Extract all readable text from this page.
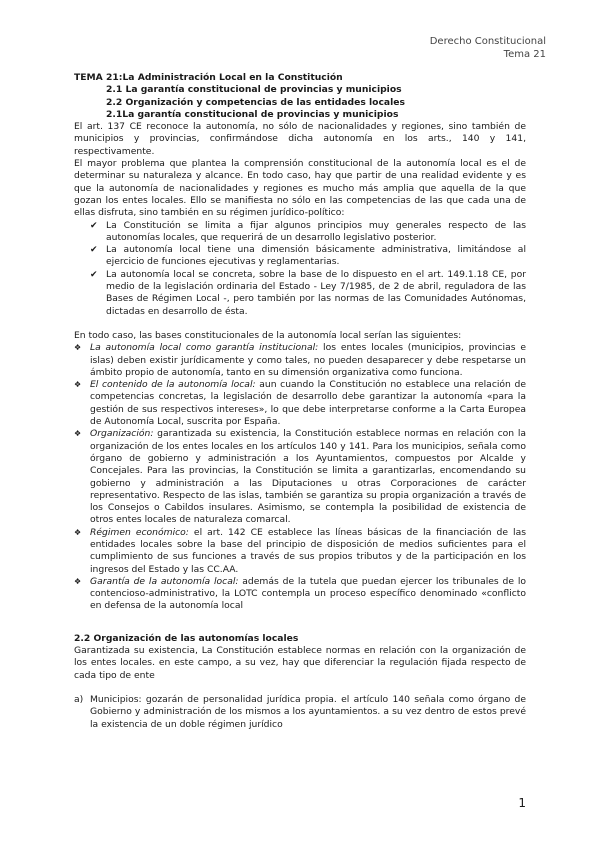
Derecho Constitucional
Tema 21

TEMA 21:La Administración Local en la Constitución

2.1 La garantía constitucional de provincias y municipios

2.2 Organización y competencias de las entidades locales

2.1La garantía constitucional de provincias y municipios

El art. 137 CE reconoce la autonomía, no sólo de nacionalidades y regiones, sino también de municipios y provincias, confirmándose dicha autonomía en los arts., 140 y 141, respectivamente.

El mayor problema que plantea la comprensión constitucional de la autonomía local es el de determinar su naturaleza y alcance. En todo caso, hay que partir de una realidad evidente y es que la autonomía de nacionalidades y regiones es mucho más amplia que aquella de la que gozan los entes locales. Ello se manifiesta no sólo en las competencias de las que cada una de ellas disfruta, sino también en su régimen jurídico-político:

✔ La Constitución se limita a fijar algunos principios muy generales respecto de las autonomías locales, que requerirá de un desarrollo legislativo posterior.
✔ La autonomía local tiene una dimensión básicamente administrativa, limitándose al ejercicio de funciones ejecutivas y reglamentarias.
✔ La autonomía local se concreta, sobre la base de lo dispuesto en el art. 149.1.18 CE, por medio de la legislación ordinaria del Estado - Ley 7/1985, de 2 de abril, reguladora de las Bases de Régimen Local -, pero también por las normas de las Comunidades Autónomas, dictadas en desarrollo de ésta.

En todo caso, las bases constitucionales de la autonomía local serían las siguientes:

❖ La autonomía local como garantía institucional: los entes locales (municipios, provincias e islas) deben existir jurídicamente y como tales, no pueden desaparecer y debe respetarse un ámbito propio de autonomía, tanto en su dimensión organizativa como funciona.
❖ El contenido de la autonomía local: aun cuando la Constitución no establece una relación de competencias concretas, la legislación de desarrollo debe garantizar la autonomía «para la gestión de sus respectivos intereses», lo que debe interpretarse conforme a la Carta Europea de Autonomía Local, suscrita por España.
❖ Organización: garantizada su existencia, la Constitución establece normas en relación con la organización de los entes locales en los artículos 140 y 141. Para los municipios, señala como órgano de gobierno y administración a los Ayuntamientos, compuestos por Alcalde y Concejales. Para las provincias, la Constitución se limita a garantizarlas, encomendando su gobierno y administración a las Diputaciones u otras Corporaciones de carácter representativo. Respecto de las islas, también se garantiza su propia organización a través de los Consejos o Cabildos insulares. Asimismo, se contempla la posibilidad de existencia de otros entes locales de naturaleza comarcal.
❖ Régimen económico: el art. 142 CE establece las líneas básicas de la financiación de las entidades locales sobre la base del principio de disposición de medios suficientes para el cumplimiento de sus funciones a través de sus propios tributos y de la participación en los ingresos del Estado y las CC.AA.
❖ Garantía de la autonomía local: además de la tutela que puedan ejercer los tribunales de lo contencioso-administrativo, la LOTC contempla un proceso específico denominado «conflicto en defensa de la autonomía local

2.2 Organización de las autonomías locales

Garantizada su existencia, La Constitución establece normas en relación con la organización de los entes locales. en este campo, a su vez, hay que diferenciar la regulación fijada respecto de cada tipo de ente

a) Municipios: gozarán de personalidad jurídica propia. el artículo 140 señala como órgano de Gobierno y administración de los mismos a los ayuntamientos. a su vez dentro de estos prevé la existencia de un doble régimen jurídico
1
